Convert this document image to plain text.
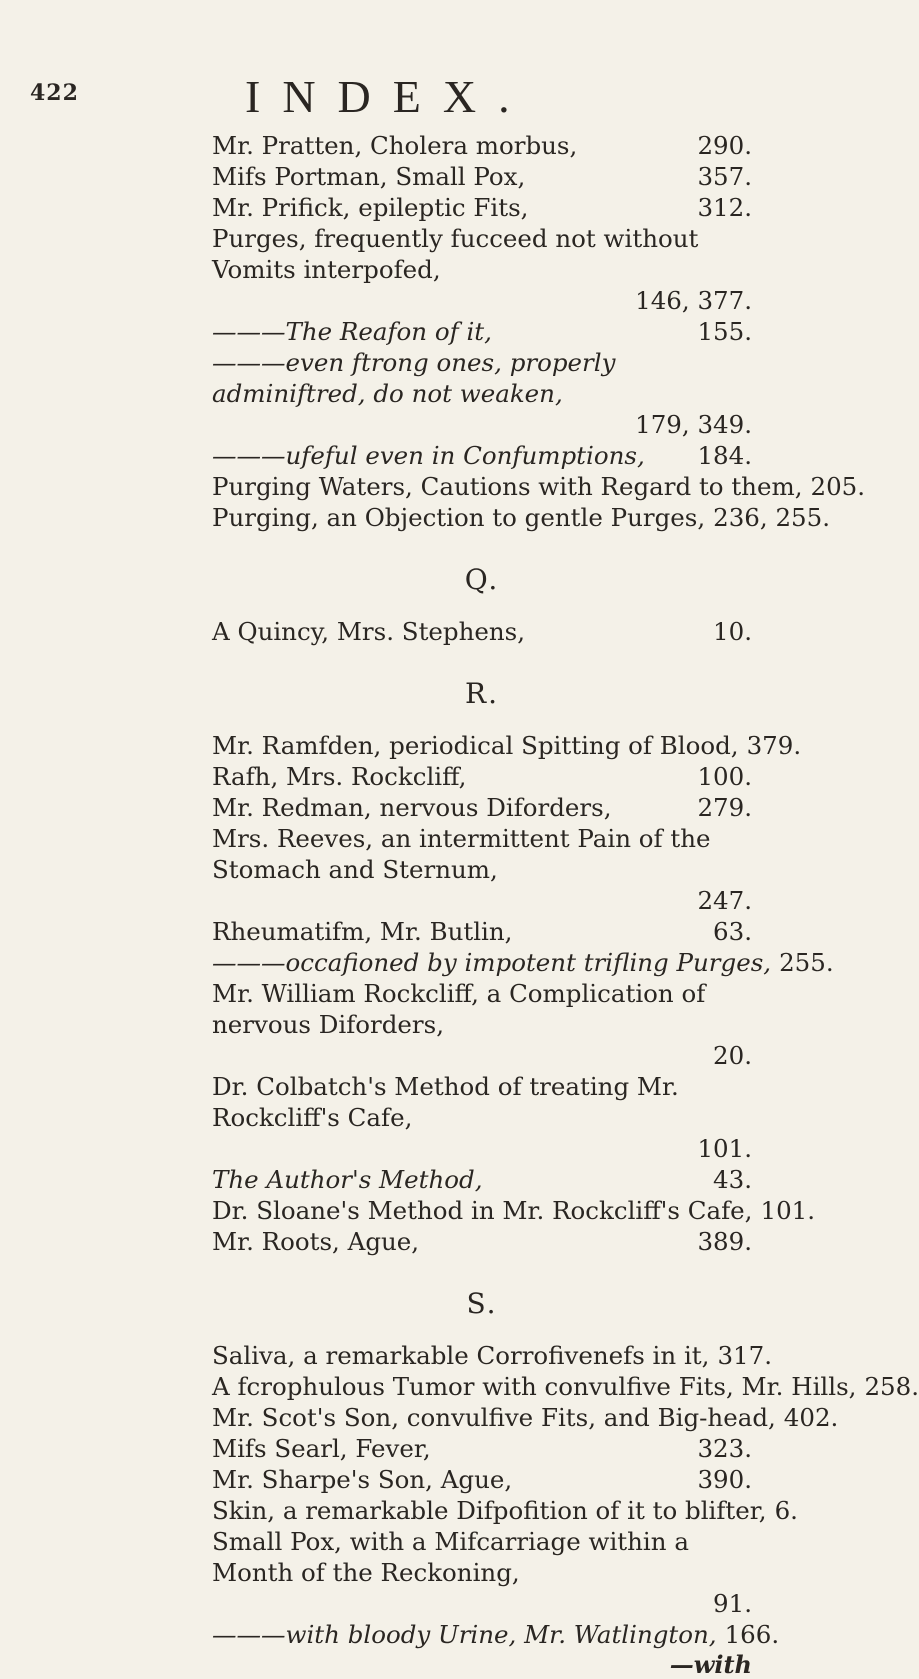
422	INDEX.
Mr. Pratten, Cholera morbus,	290.
Mifs Portman, Small Pox,	357.
Mr. Prifick, epileptic Fits,	312.
Purges, frequently fucceed not without Vomits interpofed,
146, 377.
———The Reafon of it,	155.
———even ftrong ones, properly adminiftred, do not weaken,
179, 349.
———ufeful even in Confumptions,	184.
Purging Waters, Cautions with Regard to them, 205.
Purging, an Objection to gentle Purges, 236, 255.
Q.
A Quincy, Mrs. Stephens,	10.
R.
Mr. Ramfden, periodical Spitting of Blood, 379.
Rafh, Mrs. Rockcliff,	100.
Mr. Redman, nervous Diforders,	279.
Mrs. Reeves, an intermittent Pain of the Stomach and Sternum,
247.
Rheumatifm, Mr. Butlin,	63.
———occafioned by impotent trifling Purges, 255.
Mr. William Rockcliff, a Complication of nervous Diforders,
20.
Dr. Colbatch's Method of treating Mr. Rockcliff's Cafe,
101.
The Author's Method,	43.
Dr. Sloane's Method in Mr. Rockcliff's Cafe, 101.
Mr. Roots, Ague,	389.
S.
Saliva, a remarkable Corrofivenefs in it, 317.
A fcrophulous Tumor with convulfive Fits, Mr. Hills, 258.
Mr. Scot's Son, convulfive Fits, and Big-head, 402.
Mifs Searl, Fever,	323.
Mr. Sharpe's Son, Ague,	390.
Skin, a remarkable Difpofition of it to blifter, 6.
Small Pox, with a Mifcarriage within a Month of the Reckoning,
91.
———with bloody Urine, Mr. Watlington, 166.
—with
